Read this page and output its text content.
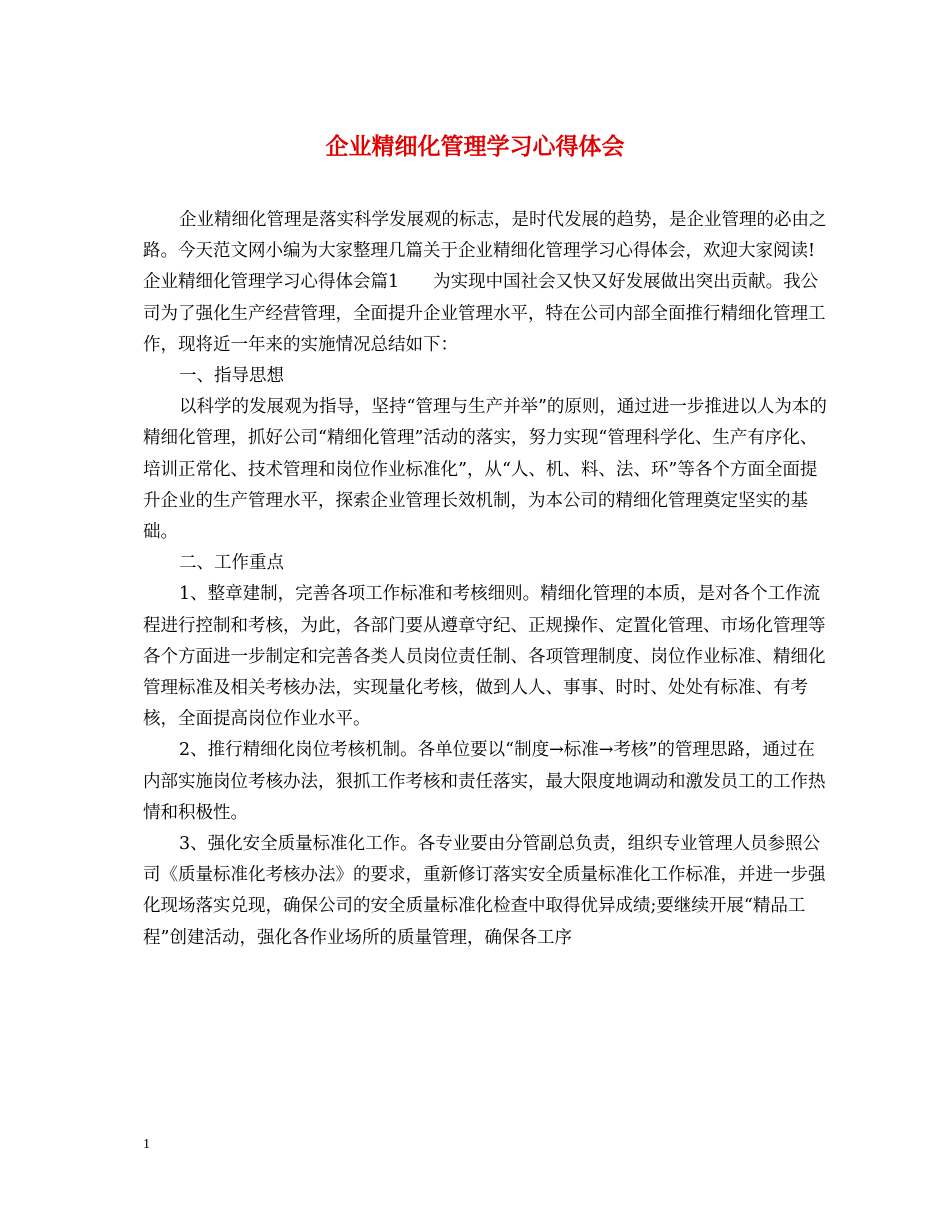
企业精细化管理学习心得体会

企业精细化管理是落实科学发展观的标志，是时代发展的趋势，是企业管理的必由之路。今天范文网小编为大家整理几篇关于企业精细化管理学习心得体会，欢迎大家阅读!

企业精细化管理学习心得体会篇1 为实现中国社会又快又好发展做出突出贡献。我公司为了强化生产经营管理，全面提升企业管理水平，特在公司内部全面推行精细化管理工作，现将近一年来的实施情况总结如下：

一、指导思想

以科学的发展观为指导，坚持“管理与生产并举”的原则，通过进一步推进以人为本的精细化管理，抓好公司“精细化管理”活动的落实，努力实现“管理科学化、生产有序化、培训正常化、技术管理和岗位作业标准化”，从“人、机、料、法、环”等各个方面全面提升企业的生产管理水平，探索企业管理长效机制，为本公司的精细化管理奠定坚实的基础。

二、工作重点

1、整章建制，完善各项工作标准和考核细则。精细化管理的本质，是对各个工作流程进行控制和考核，为此，各部门要从遵章守纪、正规操作、定置化管理、市场化管理等各个方面进一步制定和完善各类人员岗位责任制、各项管理制度、岗位作业标准、精细化管理标准及相关考核办法，实现量化考核，做到人人、事事、时时、处处有标准、有考核，全面提高岗位作业水平。

2、推行精细化岗位考核机制。各单位要以“制度→标准→考核”的管理思路，通过在内部实施岗位考核办法，狠抓工作考核和责任落实，最大限度地调动和激发员工的工作热情和积极性。

3、强化安全质量标准化工作。各专业要由分管副总负责，组织专业管理人员参照公司《质量标准化考核办法》的要求，重新修订落实安全质量标准化工作标准，并进一步强化现场落实兑现，确保公司的安全质量标准化检查中取得优异成绩;要继续开展“精品工程”创建活动，强化各作业场所的质量管理，确保各工序

1
